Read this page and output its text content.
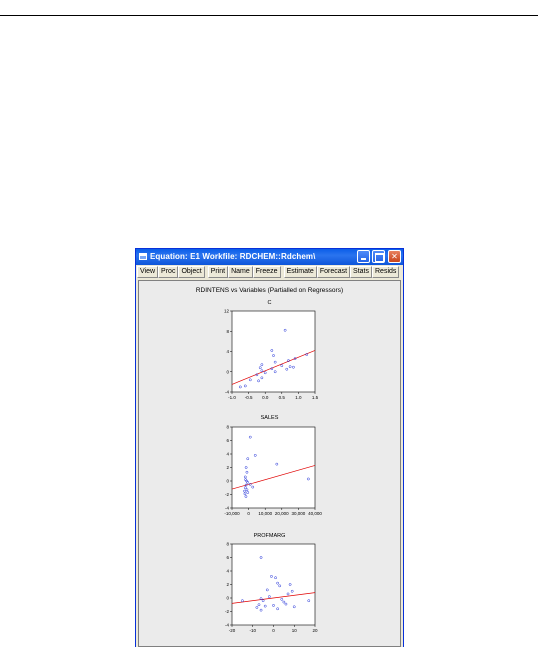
Equation: E1 Workfile: RDCHEM::Rdchem\	✕
View Proc Object	Print Name Freeze	Estimate Forecast Stats Resids
RDINTENS vs Variables (Partialled on Regressors)
C
-4
0
4
8
12
-1.0 -0.5 0.0 0.5 1.0 1.5
SALES
-4
-2
0
2
4
6
8
-10,000 0 10,000 20,000 30,000 40,000
PROFMARG
-4
-2
0
2
4
6
8
-20	-10	0	10	20
